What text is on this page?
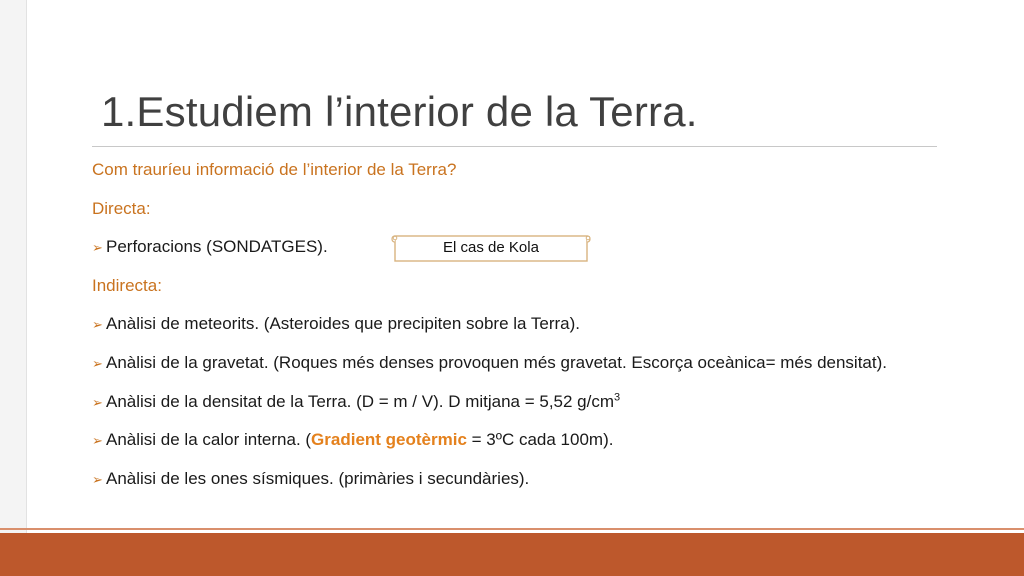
1.Estudiem l’interior de la Terra.
Com trauríeu informació de l’interior de la Terra?
Directa:
➢ Perforacions (SONDATGES).
Indirecta:
➢ Anàlisi de meteorits. (Asteroides que precipiten sobre la Terra).
➢ Anàlisi de la gravetat. (Roques més denses provoquen més gravetat. Escorça oceànica= més densitat).
➢ Anàlisi de la densitat de la Terra. (D = m / V). D mitjana = 5,52 $g/cm^3$
➢ Anàlisi de la calor interna. (Gradient geotèrmic = 3ºC cada 100m).
➢ Anàlisi de les ones sísmiques. (primàries i secundàries).
El cas de Kola
